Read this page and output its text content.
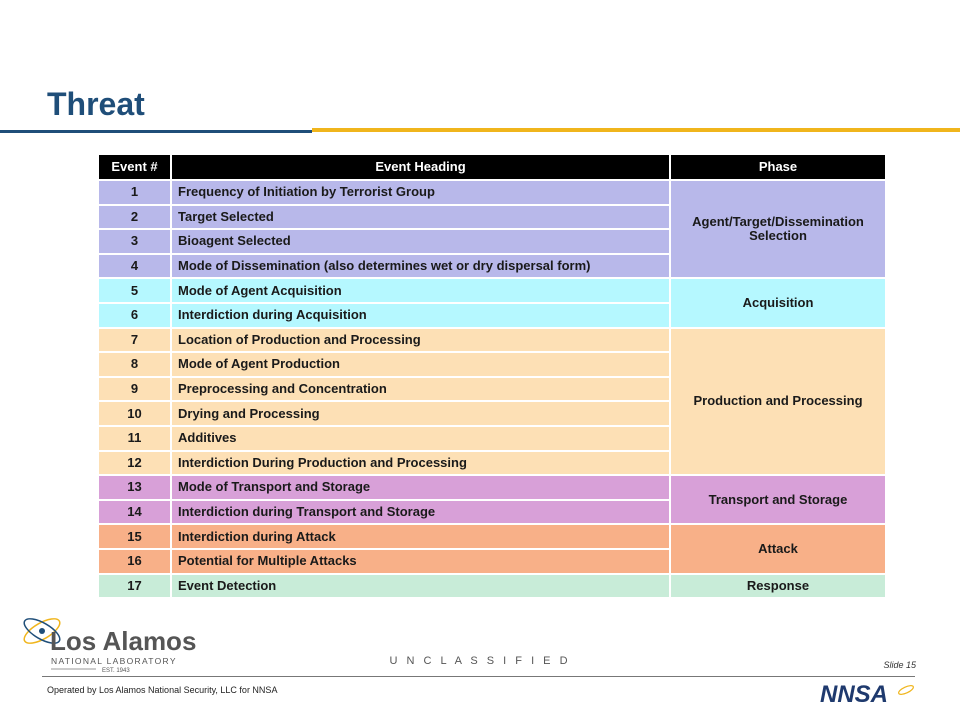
Threat
Event #	Event Heading	Phase
1	Frequency of Initiation by Terrorist Group	Agent/Target/Dissemination Selection
2	Target Selected	
3	Bioagent Selected	
4	Mode of Dissemination (also determines wet or dry dispersal form)	
5	Mode of Agent Acquisition	Acquisition
6	Interdiction during Acquisition	
7	Location of Production and Processing	Production and Processing
8	Mode of Agent Production	
9	Preprocessing and Concentration	
10	Drying and Processing	
11	Additives	
12	Interdiction During Production and Processing	
13	Mode of Transport and Storage	Transport and Storage
14	Interdiction during Transport and Storage	
15	Interdiction during Attack	Attack
16	Potential for Multiple Attacks	
17	Event Detection	Response
Los Alamos
NATIONAL LABORATORY
EST. 1943
U N C L A S S I F I E D	Slide 15
Operated by Los Alamos National Security, LLC for NNSA	NNSA
